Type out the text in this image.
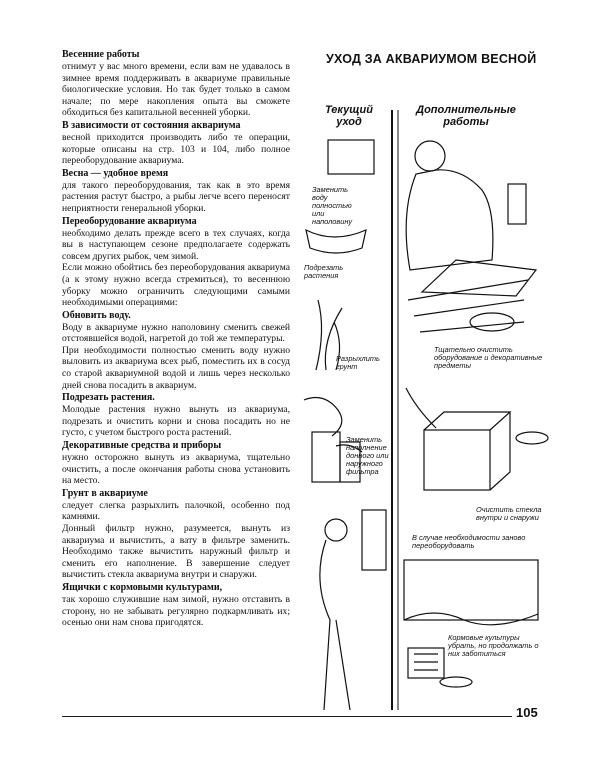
Весенние работы

отнимут у вас много времени, если вам не удавалось в зимнее время поддерживать в аквариуме правильные биологические условия. Но так будет только в самом начале; по мере накопления опыта вы сможете обходиться без капитальной весенней уборки.

В зависимости от состояния аквариума

весной приходится производить либо те операции, которые описаны на стр. 103 и 104, либо полное переоборудование аквариума.

Весна — удобное время

для такого переоборудования, так как в это время растения растут быстро, а рыбы легче всего переносят неприятности генеральной уборки.

Переоборудование аквариума

необходимо делать прежде всего в тех случаях, когда вы в наступающем сезоне предполагаете содержать совсем других рыбок, чем зимой.

Если можно обойтись без переоборудования аквариума (а к этому нужно всегда стремиться), то весеннюю уборку можно ограничить следующими самыми необходимыми операциями:

Обновить воду.

Воду в аквариуме нужно наполовину сменить свежей отстоявшейся водой, нагретой до той же температуры.

При необходимости полностью сменить воду нужно выловить из аквариума всех рыб, поместить их в сосуд со старой аквариумной водой и лишь через несколько дней снова посадить в аквариум.

Подрезать растения.

Молодые растения нужно вынуть из аквариума, подрезать и очистить корни и снова посадить но не густо, с учетом быстрого роста растений.

Декоративные средства и приборы

нужно осторожно вынуть из аквариума, тщательно очистить, а после окончания работы снова установить на место.

Грунт в аквариуме

следует слегка разрыхлить палочкой, особенно под камнями.

Донный фильтр нужно, разумеется, вынуть из аквариума и вычистить, а вату в фильтре заменить. Необходимо также вычистить наружный фильтр и сменить его наполнение. В завершение следует вычистить стекла аквариума внутри и снаружи.

Ящички с кормовыми культурами,

так хорошо служившие нам зимой, нужно отставить в сторону, но не забывать регулярно подкармливать их; осенью они нам снова пригодятся.

УХОД ЗА АКВАРИУМОМ ВЕСНОЙ
Текущий уход
Дополнительные работы
Заменить воду полностью или наполовину
Подрезать растения
Разрыхлить грунт
Заменить наполнение донного или наружного фильтра
Тщательно очистить оборудование и декоративные предметы
Очистить стекла внутри и снаружи
В случае необходимости заново переоборудовать
Кормовые культуры убрать, но продолжать о них заботиться
105
